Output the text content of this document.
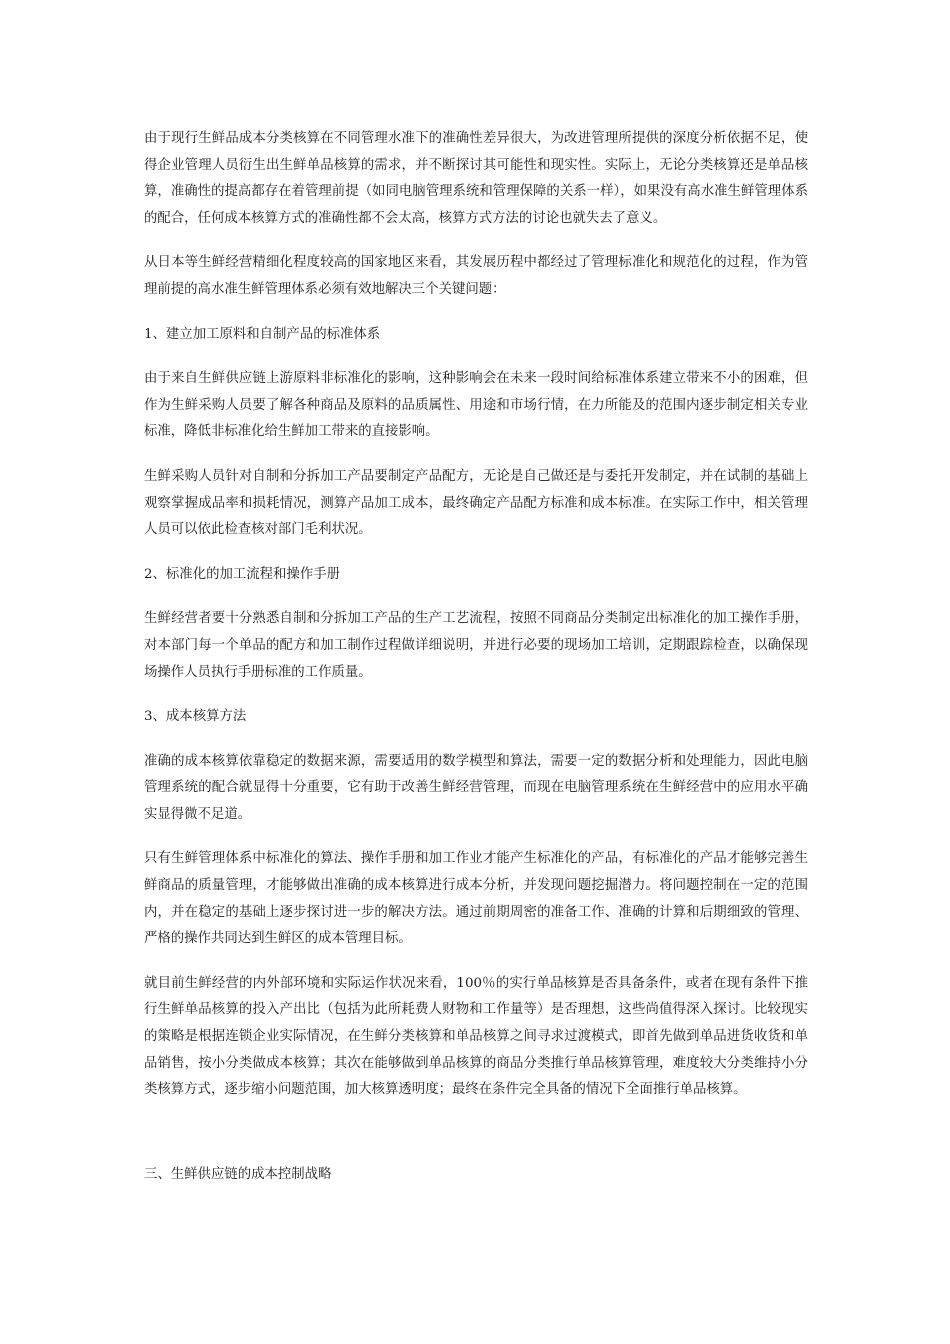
由于现行生鲜品成本分类核算在不同管理水准下的准确性差异很大，为改进管理所提供的深度分析依据不足，使得企业管理人员衍生出生鲜单品核算的需求，并不断探讨其可能性和现实性。实际上，无论分类核算还是单品核算，准确性的提高都存在着管理前提（如同电脑管理系统和管理保障的关系一样），如果没有高水准生鲜管理体系的配合，任何成本核算方式的准确性都不会太高，核算方式方法的讨论也就失去了意义。

从日本等生鲜经营精细化程度较高的国家地区来看，其发展历程中都经过了管理标准化和规范化的过程，作为管理前提的高水准生鲜管理体系必须有效地解决三个关键问题：

1、建立加工原料和自制产品的标准体系

由于来自生鲜供应链上游原料非标准化的影响，这种影响会在未来一段时间给标准体系建立带来不小的困难，但作为生鲜采购人员要了解各种商品及原料的品质属性、用途和市场行情，在力所能及的范围内逐步制定相关专业标准，降低非标准化给生鲜加工带来的直接影响。

生鲜采购人员针对自制和分拆加工产品要制定产品配方，无论是自己做还是与委托开发制定，并在试制的基础上观察掌握成品率和损耗情况，测算产品加工成本，最终确定产品配方标准和成本标准。在实际工作中，相关管理人员可以依此检查核对部门毛利状况。

2、标准化的加工流程和操作手册

生鲜经营者要十分熟悉自制和分拆加工产品的生产工艺流程，按照不同商品分类制定出标准化的加工操作手册，对本部门每一个单品的配方和加工制作过程做详细说明，并进行必要的现场加工培训，定期跟踪检查，以确保现场操作人员执行手册标准的工作质量。

3、成本核算方法

准确的成本核算依靠稳定的数据来源，需要适用的数学模型和算法，需要一定的数据分析和处理能力，因此电脑管理系统的配合就显得十分重要，它有助于改善生鲜经营管理，而现在电脑管理系统在生鲜经营中的应用水平确实显得微不足道。

只有生鲜管理体系中标准化的算法、操作手册和加工作业才能产生标准化的产品，有标准化的产品才能够完善生鲜商品的质量管理，才能够做出准确的成本核算进行成本分析，并发现问题挖掘潜力。将问题控制在一定的范围内，并在稳定的基础上逐步探讨进一步的解决方法。通过前期周密的准备工作、准确的计算和后期细致的管理、严格的操作共同达到生鲜区的成本管理目标。

就目前生鲜经营的内外部环境和实际运作状况来看，100％的实行单品核算是否具备条件，或者在现有条件下推行生鲜单品核算的投入产出比（包括为此所耗费人财物和工作量等）是否理想，这些尚值得深入探讨。比较现实的策略是根据连锁企业实际情况，在生鲜分类核算和单品核算之间寻求过渡模式，即首先做到单品进货收货和单品销售，按小分类做成本核算；其次在能够做到单品核算的商品分类推行单品核算管理，难度较大分类维持小分类核算方式，逐步缩小问题范围，加大核算透明度；最终在条件完全具备的情况下全面推行单品核算。

三、生鲜供应链的成本控制战略
